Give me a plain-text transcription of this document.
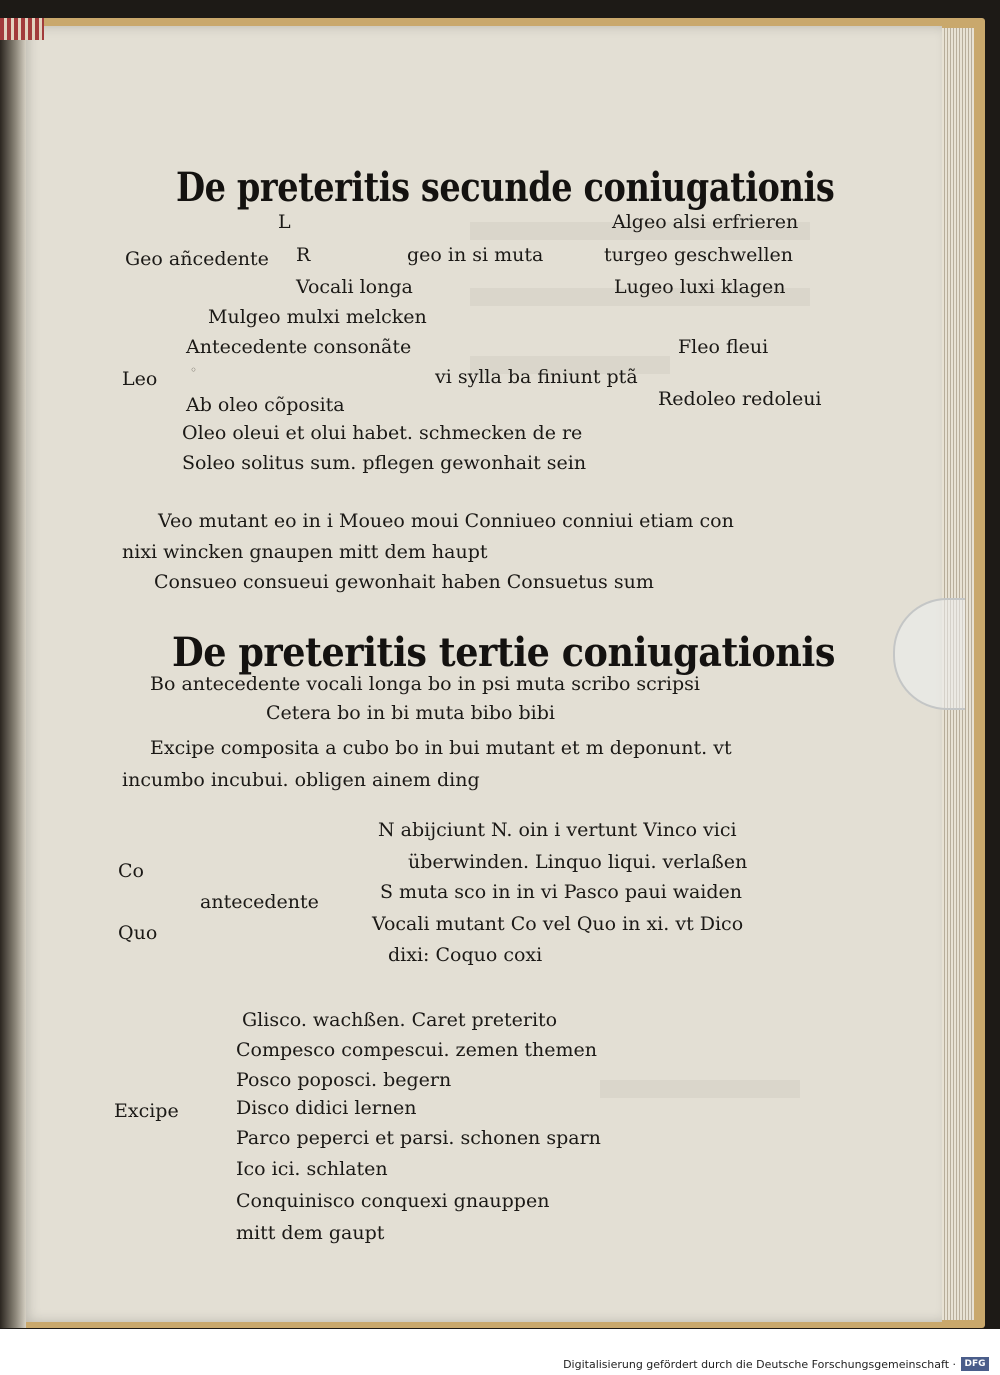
De preteritis secunde coniugationis
L
Geo añcedente R	geo in si muta
Vocali longa
Algeo alsi erfrieren
turgeo geschwellen
Lugeo luxi klagen
Mulgeo mulxi melcken
Antecedente consonãte	Fleo fleui
Leo	◦	vi sylla ba finiunt ptã
Ab oleo cõposita	Redoleo redoleui
Oleo oleui et olui habet. schmecken de re
Soleo solitus sum. pflegen gewonhait sein
Veo mutant eo in i Moueo moui Conniueo conniui etiam con
nixi wincken gnaupen mitt dem haupt
Consueo consueui gewonhait haben Consuetus sum
De preteritis tertie coniugationis
Bo antecedente vocali longa bo in psi muta scribo scripsi
Cetera bo in bi muta bibo bibi
Excipe composita a cubo bo in bui mutant et m deponunt. vt
incumbo incubui. obligen ainem ding
N abijciunt N. oin i vertunt Vinco vici
überwinden. Linquo liqui. verlaßen
Co
S muta sco in in vi Pasco paui waiden
antecedente
Vocali mutant Co vel Quo in xi. vt Dico
Quo
dixi: Coquo coxi
Glisco. wachßen. Caret preterito
Compesco compescui. zemen themen
Posco poposci. begern
Excipe	Disco didici lernen
Parco peperci et parsi. schonen sparn
Ico ici. schlaten
Conquinisco conquexi gnauppen
mitt dem gaupt
Digitalisierung gefördert durch die Deutsche Forschungsgemeinschaft · DFG
